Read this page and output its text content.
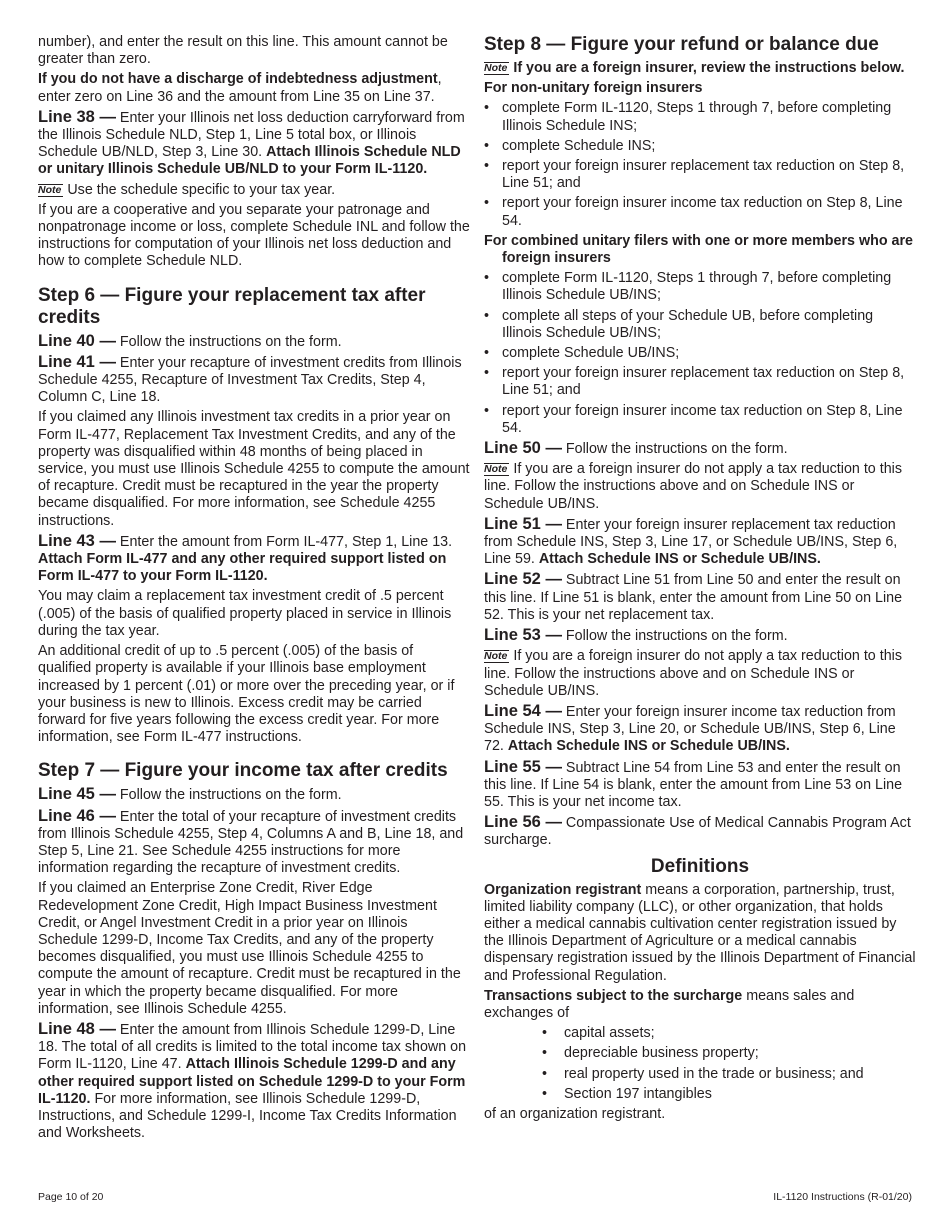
number), and enter the result on this line. This amount cannot be greater than zero.

If you do not have a discharge of indebtedness adjustment, enter zero on Line 36 and the amount from Line 35 on Line 37.

Line 38 — Enter your Illinois net loss deduction carryforward from the Illinois Schedule NLD, Step 1, Line 5 total box, or Illinois Schedule UB/NLD, Step 3, Line 30. Attach Illinois Schedule NLD or unitary Illinois Schedule UB/NLD to your Form IL-1120.

Note Use the schedule specific to your tax year.

If you are a cooperative and you separate your patronage and nonpatronage income or loss, complete Schedule INL and follow the instructions for computation of your Illinois net loss deduction and how to complete Schedule NLD.

Step 6 — Figure your replacement tax after credits

Line 40 — Follow the instructions on the form.

Line 41 — Enter your recapture of investment credits from Illinois Schedule 4255, Recapture of Investment Tax Credits, Step 4, Column C, Line 18.

If you claimed any Illinois investment tax credits in a prior year on Form IL-477, Replacement Tax Investment Credits, and any of the property was disqualified within 48 months of being placed in service, you must use Illinois Schedule 4255 to compute the amount of recapture. Credit must be recaptured in the year the property became disqualified. For more information, see Schedule 4255 instructions.

Line 43 — Enter the amount from Form IL-477, Step 1, Line 13. Attach Form IL-477 and any other required support listed on Form IL-477 to your Form IL-1120.

You may claim a replacement tax investment credit of .5 percent (.005) of the basis of qualified property placed in service in Illinois during the tax year.

An additional credit of up to .5 percent (.005) of the basis of qualified property is available if your Illinois base employment increased by 1 percent (.01) or more over the preceding year, or if your business is new to Illinois. Excess credit may be carried forward for five years following the excess credit year. For more information, see Form IL-477 instructions.

Step 7 — Figure your income tax after credits

Line 45 — Follow the instructions on the form.

Line 46 — Enter the total of your recapture of investment credits from Illinois Schedule 4255, Step 4, Columns A and B, Line 18, and Step 5, Line 21. See Schedule 4255 instructions for more information regarding the recapture of investment credits.

If you claimed an Enterprise Zone Credit, River Edge Redevelopment Zone Credit, High Impact Business Investment Credit, or Angel Investment Credit in a prior year on Illinois Schedule 1299-D, Income Tax Credits, and any of the property becomes disqualified, you must use Illinois Schedule 4255 to compute the amount of recapture. Credit must be recaptured in the year in which the property became disqualified. For more information, see Illinois Schedule 4255.

Line 48 — Enter the amount from Illinois Schedule 1299-D, Line 18. The total of all credits is limited to the total income tax shown on Form IL-1120, Line 47. Attach Illinois Schedule 1299-D and any other required support listed on Schedule 1299-D to your Form IL-1120. For more information, see Illinois Schedule 1299-D, Instructions, and Schedule 1299-I, Income Tax Credits Information and Worksheets.

Step 8 — Figure your refund or balance due

Note If you are a foreign insurer, review the instructions below.

For non-unitary foreign insurers

• complete Form IL-1120, Steps 1 through 7, before completing Illinois Schedule INS;
• complete Schedule INS;
• report your foreign insurer replacement tax reduction on Step 8, Line 51; and
• report your foreign insurer income tax reduction on Step 8, Line 54.

For combined unitary filers with one or more members who are foreign insurers

• complete Form IL-1120, Steps 1 through 7, before completing Illinois Schedule UB/INS;
• complete all steps of your Schedule UB, before completing Illinois Schedule UB/INS;
• complete Schedule UB/INS;
• report your foreign insurer replacement tax reduction on Step 8, Line 51; and
• report your foreign insurer income tax reduction on Step 8, Line 54.

Line 50 — Follow the instructions on the form.

Note If you are a foreign insurer do not apply a tax reduction to this line. Follow the instructions above and on Schedule INS or Schedule UB/INS.

Line 51 — Enter your foreign insurer replacement tax reduction from Schedule INS, Step 3, Line 17, or Schedule UB/INS, Step 6, Line 59. Attach Schedule INS or Schedule UB/INS.

Line 52 — Subtract Line 51 from Line 50 and enter the result on this line. If Line 51 is blank, enter the amount from Line 50 on Line 52. This is your net replacement tax.

Line 53 — Follow the instructions on the form.

Note If you are a foreign insurer do not apply a tax reduction to this line. Follow the instructions above and on Schedule INS or Schedule UB/INS.

Line 54 — Enter your foreign insurer income tax reduction from Schedule INS, Step 3, Line 20, or Schedule UB/INS, Step 6, Line 72. Attach Schedule INS or Schedule UB/INS.

Line 55 — Subtract Line 54 from Line 53 and enter the result on this line. If Line 54 is blank, enter the amount from Line 53 on Line 55. This is your net income tax.

Line 56 — Compassionate Use of Medical Cannabis Program Act surcharge.

Definitions

Organization registrant means a corporation, partnership, trust, limited liability company (LLC), or other organization, that holds either a medical cannabis cultivation center registration issued by the Illinois Department of Agriculture or a medical cannabis dispensary registration issued by the Illinois Department of Financial and Professional Regulation.

Transactions subject to the surcharge means sales and exchanges of

• capital assets;
• depreciable business property;
• real property used in the trade or business; and
• Section 197 intangibles

of an organization registrant.

Page 10 of 20	IL-1120 Instructions (R-01/20)
